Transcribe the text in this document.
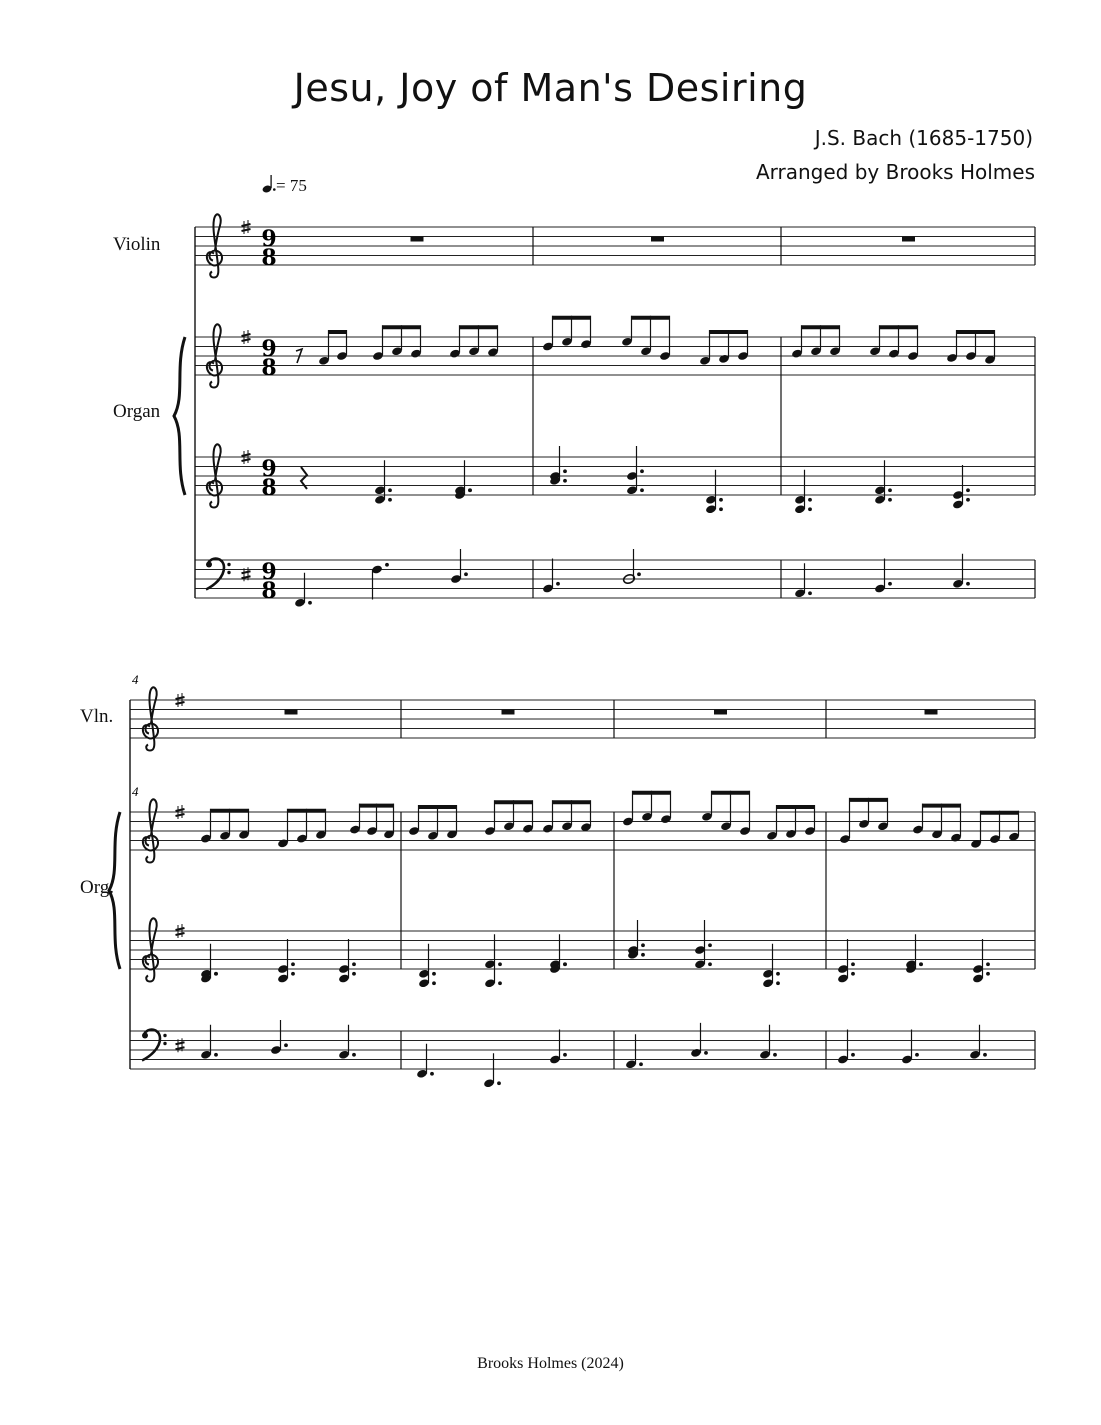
Jesu, Joy of Man's Desiring
J.S. Bach (1685-1750)
Arranged by Brooks Holmes
= 75
Violin
Organ
Vln.
Org.
9
8
9
8
9
8
9
8
4
4
Brooks Holmes (2024)
